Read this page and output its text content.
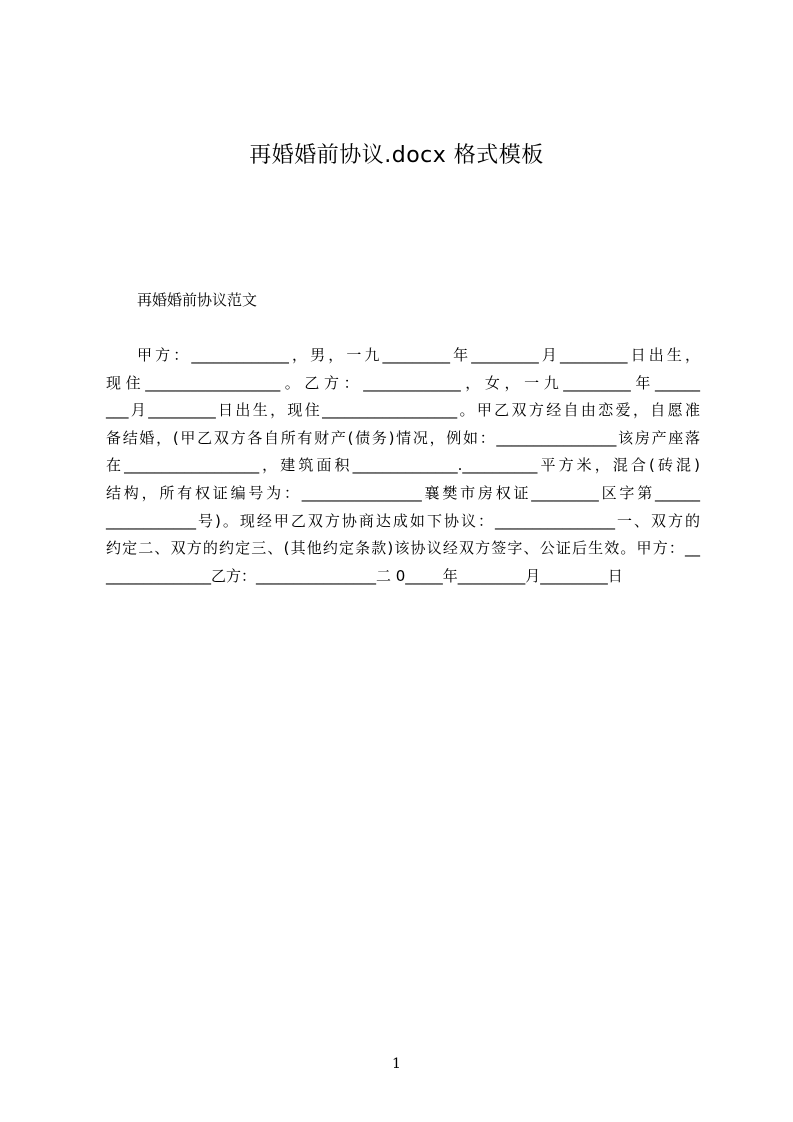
再婚婚前协议.docx 格式模板

再婚婚前协议范文

甲方：_____________，男，一九_________年_________月_________日出生，

现住__________________。乙方：_____________，女，一九_________年______

___月_________日出生，现住__________________。甲乙双方经自由恋爱，自愿准

备结婚，(甲乙双方各自所有财产(债务)情况，例如：________________该房产座落

在__________________，建筑面积______________.__________平方米，混合(砖混)

结构，所有权证编号为：________________襄樊市房权证_________区字第______

____________号)。现经甲乙双方协商达成如下协议：________________一、双方的

约定二、双方的约定三、(其他约定条款)该协议经双方签字、公证后生效。甲方：__

______________乙方：________________二 0_____年_________月_________日

1
